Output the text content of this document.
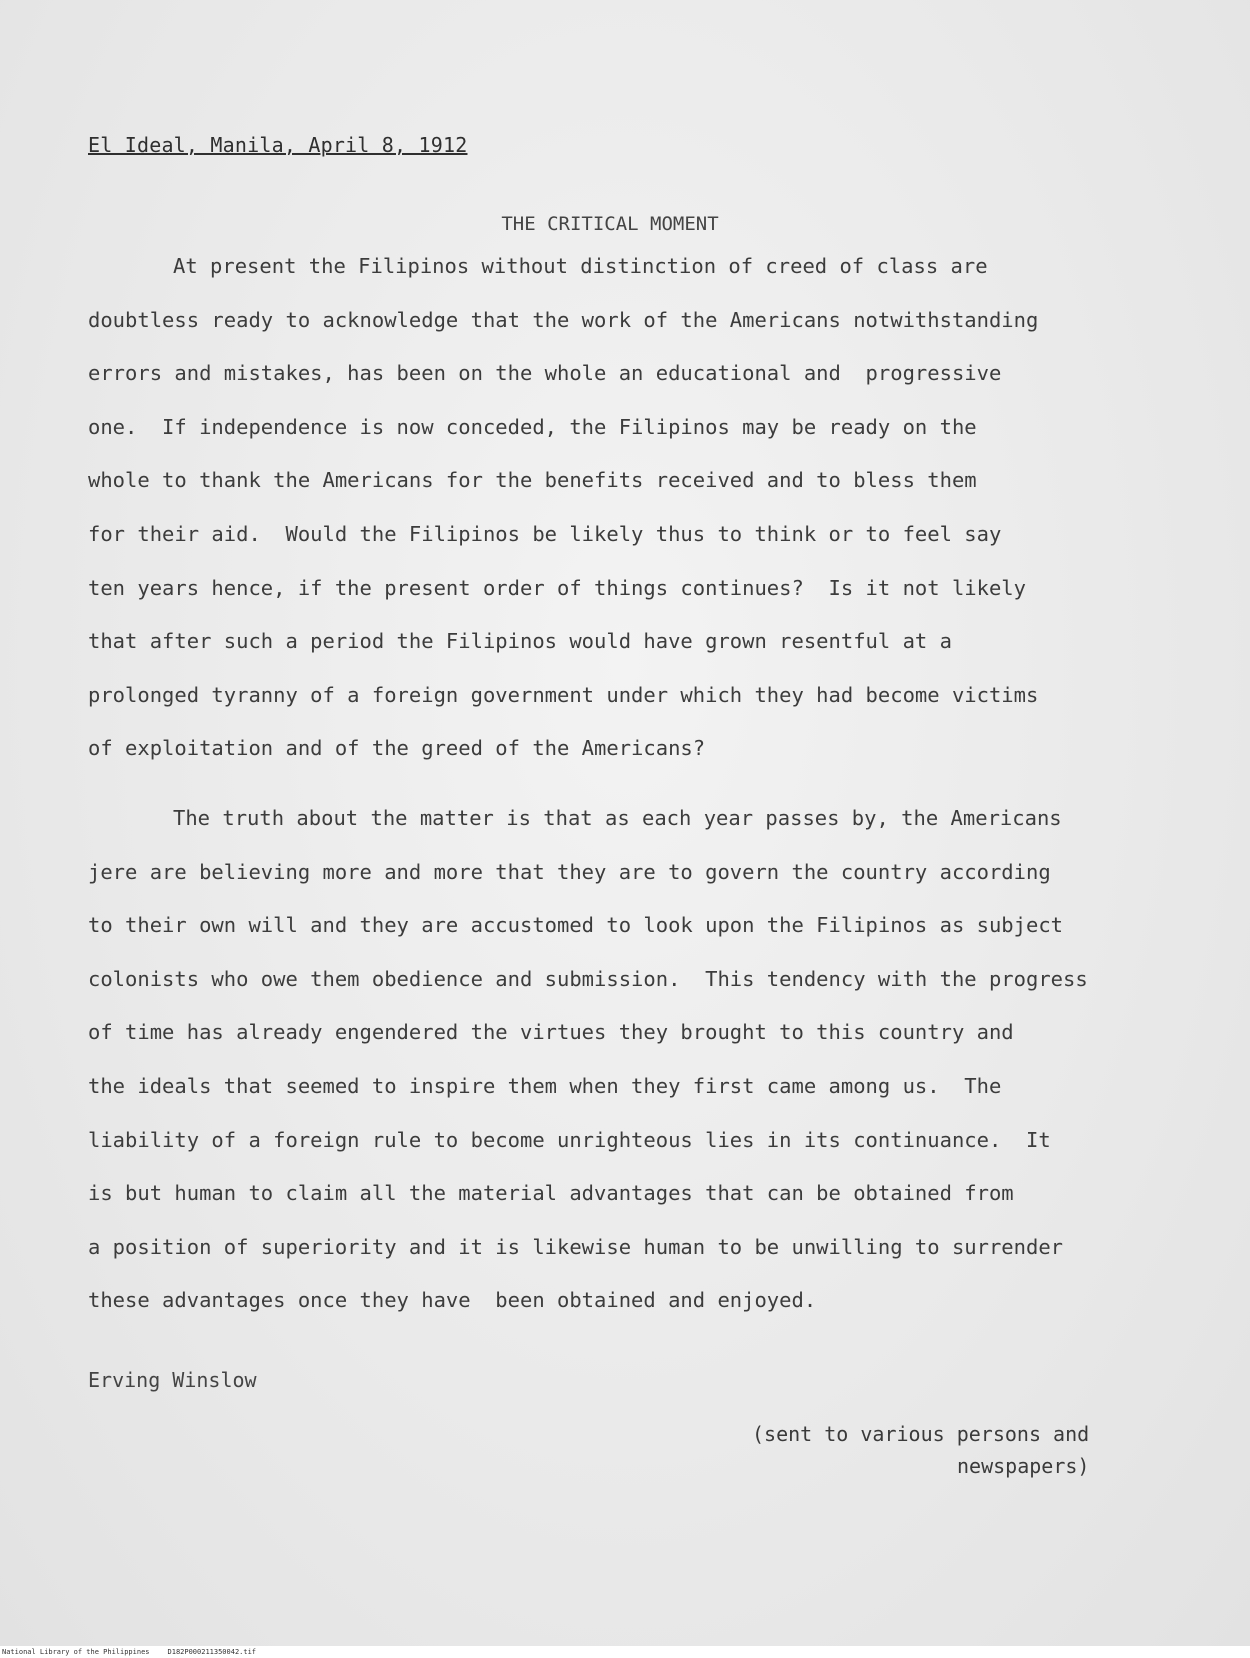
El Ideal, Manila, April 8, 1912
THE CRITICAL MOMENT
At present the Filipinos without distinction of creed of class are
doubtless ready to acknowledge that the work of the Americans notwithstanding
errors and mistakes, has been on the whole an educational and  progressive
one.  If independence is now conceded, the Filipinos may be ready on the
whole to thank the Americans for the benefits received and to bless them
for their aid.  Would the Filipinos be likely thus to think or to feel say
ten years hence, if the present order of things continues?  Is it not likely
that after such a period the Filipinos would have grown resentful at a
prolonged tyranny of a foreign government under which they had become victims
of exploitation and of the greed of the Americans?
The truth about the matter is that as each year passes by, the Americans
jere are believing more and more that they are to govern the country according
to their own will and they are accustomed to look upon the Filipinos as subject
colonists who owe them obedience and submission.  This tendency with the progress
of time has already engendered the virtues they brought to this country and
the ideals that seemed to inspire them when they first came among us.  The
liability of a foreign rule to become unrighteous lies in its continuance.  It
is but human to claim all the material advantages that can be obtained from
a position of superiority and it is likewise human to be unwilling to surrender
these advantages once they have  been obtained and enjoyed.
Erving Winslow
(sent to various persons and
newspapers)
National Library of the Philippines	D182P000211350042.tif
